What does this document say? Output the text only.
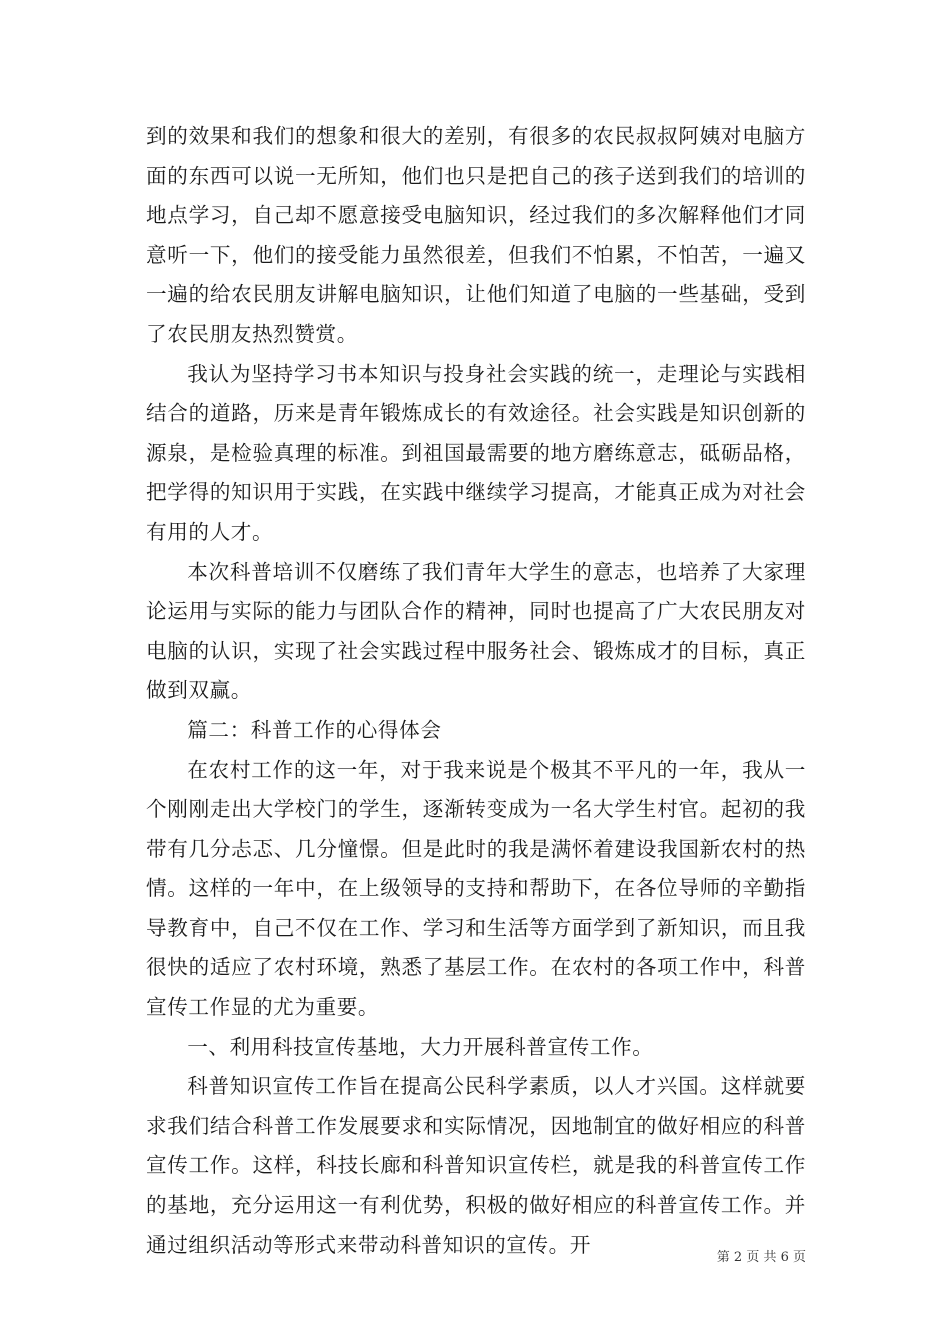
到的效果和我们的想象和很大的差别，有很多的农民叔叔阿姨对电脑方面的东西可以说一无所知，他们也只是把自己的孩子送到我们的培训的地点学习，自己却不愿意接受电脑知识，经过我们的多次解释他们才同意听一下，他们的接受能力虽然很差，但我们不怕累，不怕苦，一遍又一遍的给农民朋友讲解电脑知识，让他们知道了电脑的一些基础，受到了农民朋友热烈赞赏。

我认为坚持学习书本知识与投身社会实践的统一，走理论与实践相结合的道路，历来是青年锻炼成长的有效途径。社会实践是知识创新的源泉，是检验真理的标准。到祖国最需要的地方磨练意志，砥砺品格，把学得的知识用于实践，在实践中继续学习提高，才能真正成为对社会有用的人才。

本次科普培训不仅磨练了我们青年大学生的意志，也培养了大家理论运用与实际的能力与团队合作的精神，同时也提高了广大农民朋友对电脑的认识，实现了社会实践过程中服务社会、锻炼成才的目标，真正做到双赢。

篇二：科普工作的心得体会

在农村工作的这一年，对于我来说是个极其不平凡的一年，我从一个刚刚走出大学校门的学生，逐渐转变成为一名大学生村官。起初的我带有几分忐忑、几分憧憬。但是此时的我是满怀着建设我国新农村的热情。这样的一年中，在上级领导的支持和帮助下，在各位导师的辛勤指导教育中，自己不仅在工作、学习和生活等方面学到了新知识，而且我很快的适应了农村环境，熟悉了基层工作。在农村的各项工作中，科普宣传工作显的尤为重要。

一、利用科技宣传基地，大力开展科普宣传工作。

科普知识宣传工作旨在提高公民科学素质，以人才兴国。这样就要求我们结合科普工作发展要求和实际情况，因地制宜的做好相应的科普宣传工作。这样，科技长廊和科普知识宣传栏，就是我的科普宣传工作的基地，充分运用这一有利优势，积极的做好相应的科普宣传工作。并通过组织活动等形式来带动科普知识的宣传。开

第 2 页 共 6 页
